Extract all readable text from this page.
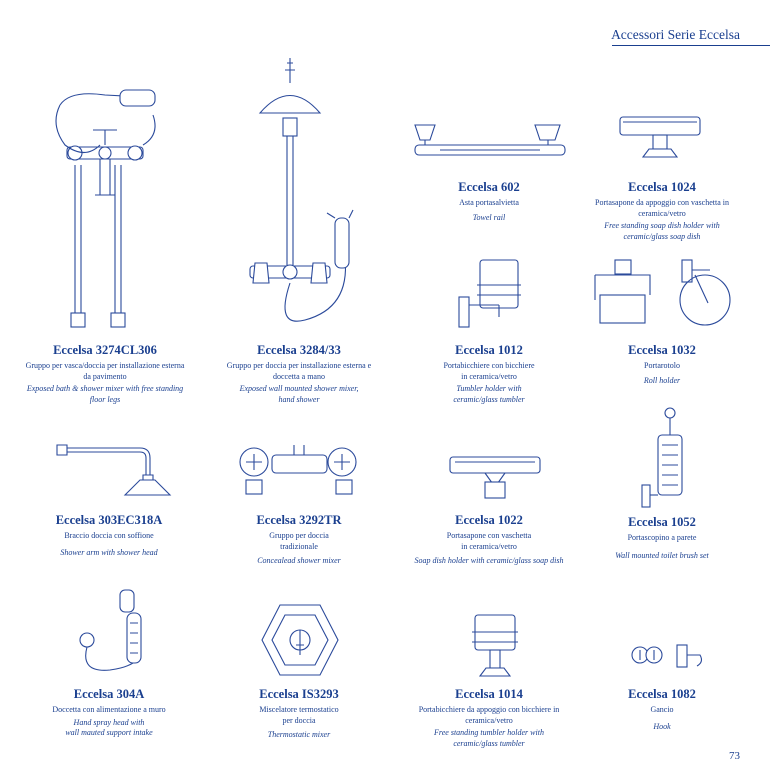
Accessori Serie Eccelsa
Eccelsa 3274CL306
Gruppo per vasca/doccia per installazione esterna
da pavimento
Exposed bath & shower mixer with free standing
floor legs
Eccelsa 3284/33
Gruppo per doccia per installazione esterna e
doccetta a mano
Exposed wall mounted shower mixer,
hand shower
Eccelsa 602
Asta portasalvietta
Towel rail
Eccelsa 1024
Portasapone da appoggio con vaschetta in
ceramica/vetro
Free standing soap dish holder with
ceramic/glass soap dish
Eccelsa 1012
Portabicchiere con bicchiere
in ceramica/vetro
Tumbler holder with
ceramic/glass tumbler
Eccelsa 1032
Portarotolo
Roll holder
Eccelsa 303EC318A
Braccio doccia con soffione
Shower arm with shower head
Eccelsa 3292TR
Gruppo per doccia
tradizionale
Concealead shower mixer
Eccelsa 1022
Portasapone con vaschetta
in ceramica/vetro
Soap dish holder with ceramic/glass soap dish
Eccelsa 1052
Portascopino a parete
Wall mounted toilet brush set
Eccelsa 304A
Doccetta con alimentazione a muro
Hand spray head with
wall mauted support intake
Eccelsa IS3293
Miscelatore termostatico
per doccia
Thermostatic mixer
Eccelsa 1014
Portabicchiere da appoggio con bicchiere in
ceramica/vetro
Free standing tumbler holder with
ceramic/glass tumbler
Eccelsa 1082
Gancio
Hook
73
